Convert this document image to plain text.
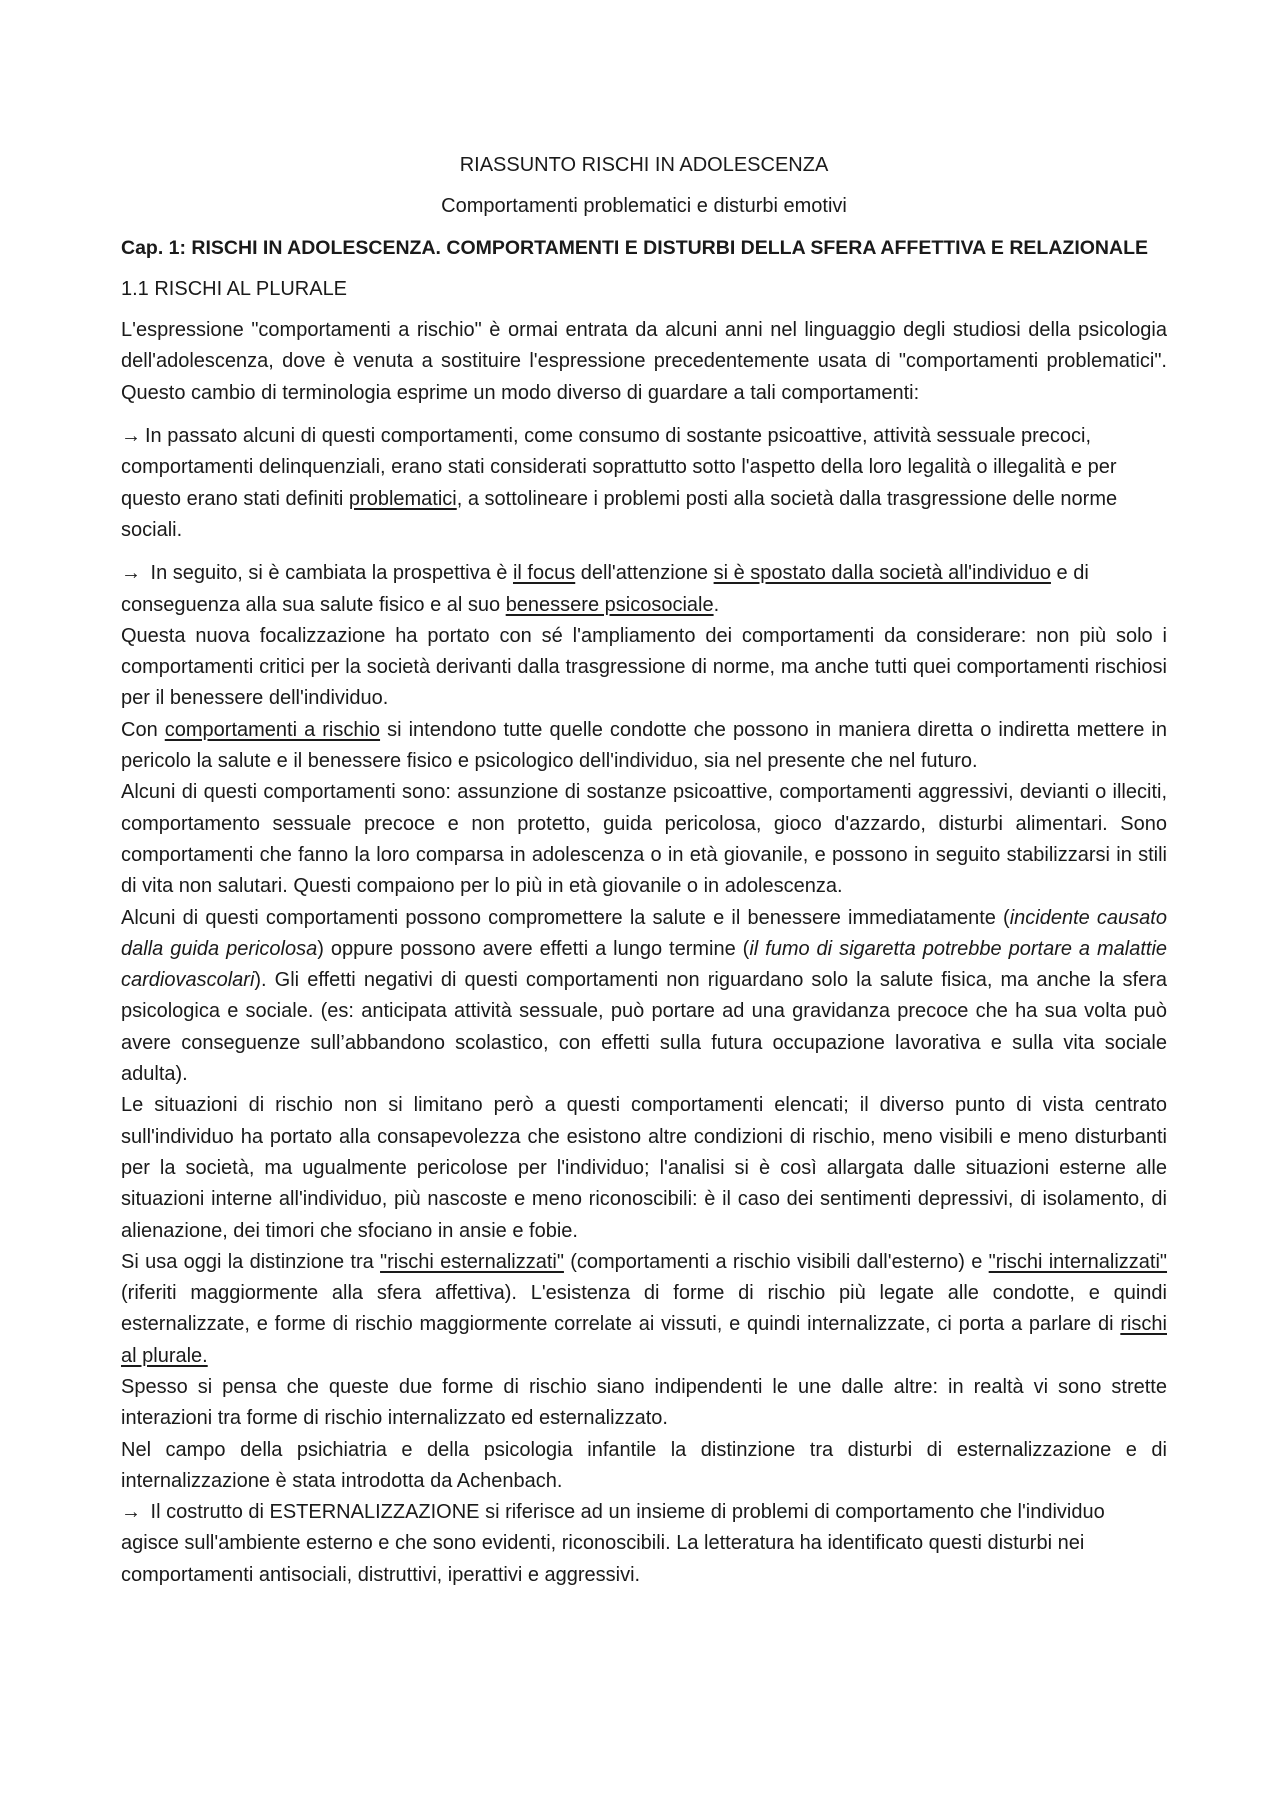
RIASSUNTO RISCHI IN ADOLESCENZA

Comportamenti problematici e disturbi emotivi

Cap. 1: RISCHI IN ADOLESCENZA. COMPORTAMENTI E DISTURBI DELLA SFERA AFFETTIVA E RELAZIONALE

1.1 RISCHI AL PLURALE

L'espressione "comportamenti a rischio" è ormai entrata da alcuni anni nel linguaggio degli studiosi della psicologia dell'adolescenza, dove è venuta a sostituire l'espressione precedentemente usata di "comportamenti problematici". Questo cambio di terminologia esprime un modo diverso di guardare a tali comportamenti:

→ In passato alcuni di questi comportamenti, come consumo di sostante psicoattive, attività sessuale precoci, comportamenti delinquenziali, erano stati considerati soprattutto sotto l'aspetto della loro legalità o illegalità e per questo erano stati definiti problematici, a sottolineare i problemi posti alla società dalla trasgressione delle norme sociali.

→ In seguito, si è cambiata la prospettiva è il focus dell'attenzione si è spostato dalla società all'individuo e di conseguenza alla sua salute fisico e al suo benessere psicosociale.

Questa nuova focalizzazione ha portato con sé l'ampliamento dei comportamenti da considerare: non più solo i comportamenti critici per la società derivanti dalla trasgressione di norme, ma anche tutti quei comportamenti rischiosi per il benessere dell'individuo.

Con comportamenti a rischio si intendono tutte quelle condotte che possono in maniera diretta o indiretta mettere in pericolo la salute e il benessere fisico e psicologico dell'individuo, sia nel presente che nel futuro.

Alcuni di questi comportamenti sono: assunzione di sostanze psicoattive, comportamenti aggressivi, devianti o illeciti, comportamento sessuale precoce e non protetto, guida pericolosa, gioco d'azzardo, disturbi alimentari. Sono comportamenti che fanno la loro comparsa in adolescenza o in età giovanile, e possono in seguito stabilizzarsi in stili di vita non salutari. Questi compaiono per lo più in età giovanile o in adolescenza.

Alcuni di questi comportamenti possono compromettere la salute e il benessere immediatamente (incidente causato dalla guida pericolosa) oppure possono avere effetti a lungo termine (il fumo di sigaretta potrebbe portare a malattie cardiovascolari). Gli effetti negativi di questi comportamenti non riguardano solo la salute fisica, ma anche la sfera psicologica e sociale. (es: anticipata attività sessuale, può portare ad una gravidanza precoce che ha sua volta può avere conseguenze sull’abbandono scolastico, con effetti sulla futura occupazione lavorativa e sulla vita sociale adulta).

Le situazioni di rischio non si limitano però a questi comportamenti elencati; il diverso punto di vista centrato sull'individuo ha portato alla consapevolezza che esistono altre condizioni di rischio, meno visibili e meno disturbanti per la società, ma ugualmente pericolose per l'individuo; l'analisi si è così allargata dalle situazioni esterne alle situazioni interne all'individuo, più nascoste e meno riconoscibili: è il caso dei sentimenti depressivi, di isolamento, di alienazione, dei timori che sfociano in ansie e fobie.

Si usa oggi la distinzione tra "rischi esternalizzati" (comportamenti a rischio visibili dall'esterno) e "rischi internalizzati" (riferiti maggiormente alla sfera affettiva). L'esistenza di forme di rischio più legate alle condotte, e quindi esternalizzate, e forme di rischio maggiormente correlate ai vissuti, e quindi internalizzate, ci porta a parlare di rischi al plurale.

Spesso si pensa che queste due forme di rischio siano indipendenti le une dalle altre: in realtà vi sono strette interazioni tra forme di rischio internalizzato ed esternalizzato.

Nel campo della psichiatria e della psicologia infantile la distinzione tra disturbi di esternalizzazione e di internalizzazione è stata introdotta da Achenbach.

→ Il costrutto di ESTERNALIZZAZIONE si riferisce ad un insieme di problemi di comportamento che l'individuo agisce sull'ambiente esterno e che sono evidenti, riconoscibili. La letteratura ha identificato questi disturbi nei comportamenti antisociali, distruttivi, iperattivi e aggressivi.
